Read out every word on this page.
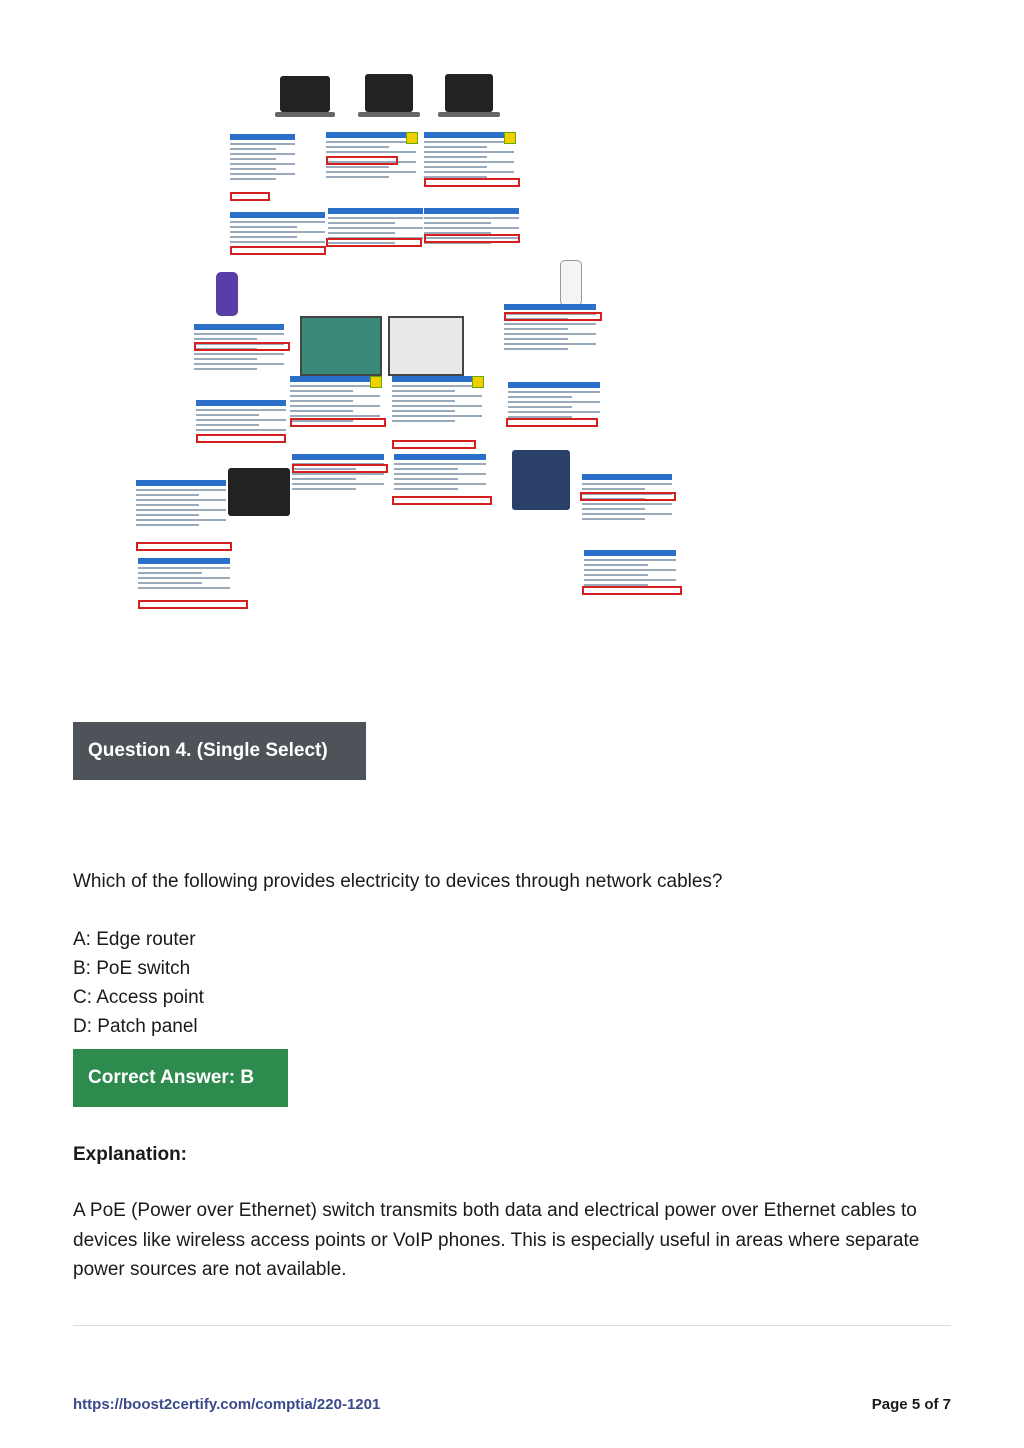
Question 4. (Single Select)
Which of the following provides electricity to devices through network cables?
A: Edge router
B: PoE switch
C: Access point
D: Patch panel
Correct Answer: B
Explanation:
A PoE (Power over Ethernet) switch transmits both data and electrical power over Ethernet cables to devices like wireless access points or VoIP phones. This is especially useful in areas where separate power sources are not available.
https://boost2certify.com/comptia/220-1201	Page 5 of 7
